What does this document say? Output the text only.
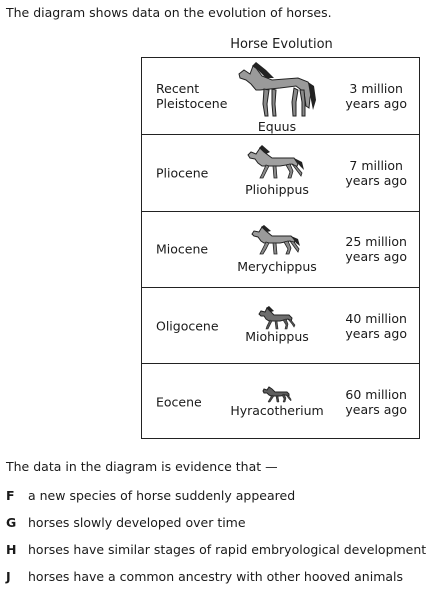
The diagram shows data on the evolution of horses.
Horse Evolution
Recent
Pleistocene
Equus
3 million
years ago
Pliocene
Pliohippus
7 million
years ago
Miocene
Merychippus
25 million
years ago
Oligocene
Miohippus
40 million
years ago
Eocene
Hyracotherium
60 million
years ago
The data in the diagram is evidence that —
F a new species of horse suddenly appeared
G horses slowly developed over time
H horses have similar stages of rapid embryological development
J horses have a common ancestry with other hooved animals
